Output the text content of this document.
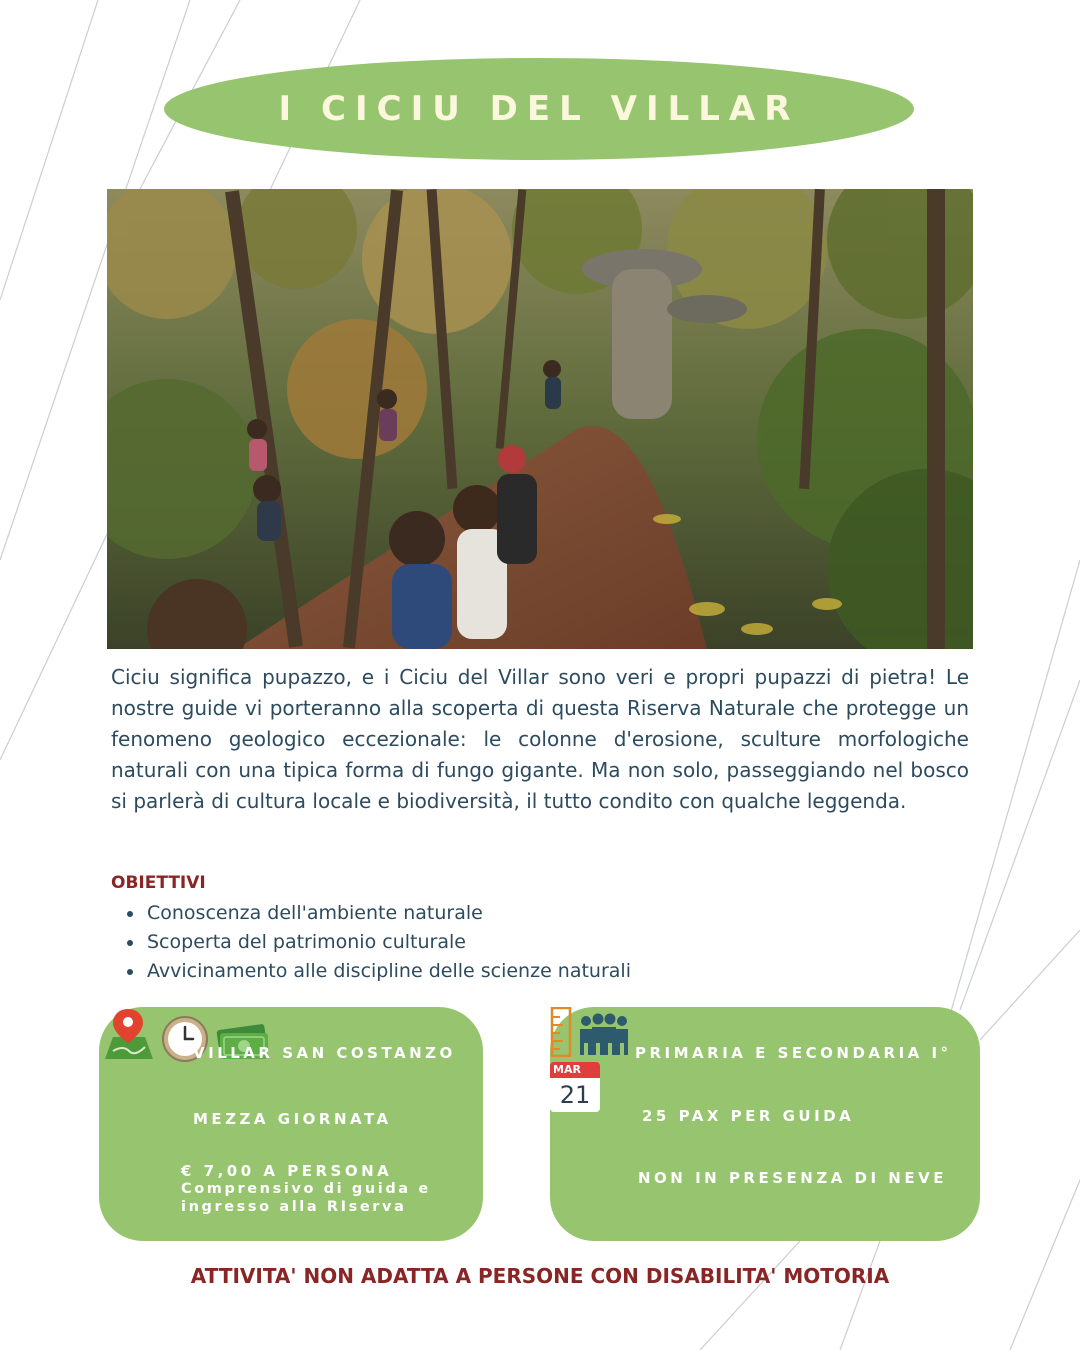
I CICIU DEL VILLAR

Ciciu significa pupazzo, e i Ciciu del Villar sono veri e propri pupazzi di pietra! Le nostre guide vi porteranno alla scoperta di questa Riserva Naturale che protegge un fenomeno geologico eccezionale: le colonne d'erosione, sculture morfologiche naturali con una tipica forma di fungo gigante. Ma non solo, passeggiando nel bosco si parlerà di cultura locale e biodiversità, il tutto condito con qualche leggenda.

OBIETTIVI
Conoscenza dell'ambiente naturale
Scoperta del patrimonio culturale
Avvicinamento alle discipline delle scienze naturali

VILLAR SAN COSTANZO

MEZZA GIORNATA
€ 7,00 A PERSONA
Comprensivo di guida e
ingresso alla RIserva

PRIMARIA E SECONDARIA I°
25 PAX PER GUIDA
MAR
21
NON IN PRESENZA DI NEVE
ATTIVITA' NON ADATTA A PERSONE CON DISABILITA' MOTORIA
